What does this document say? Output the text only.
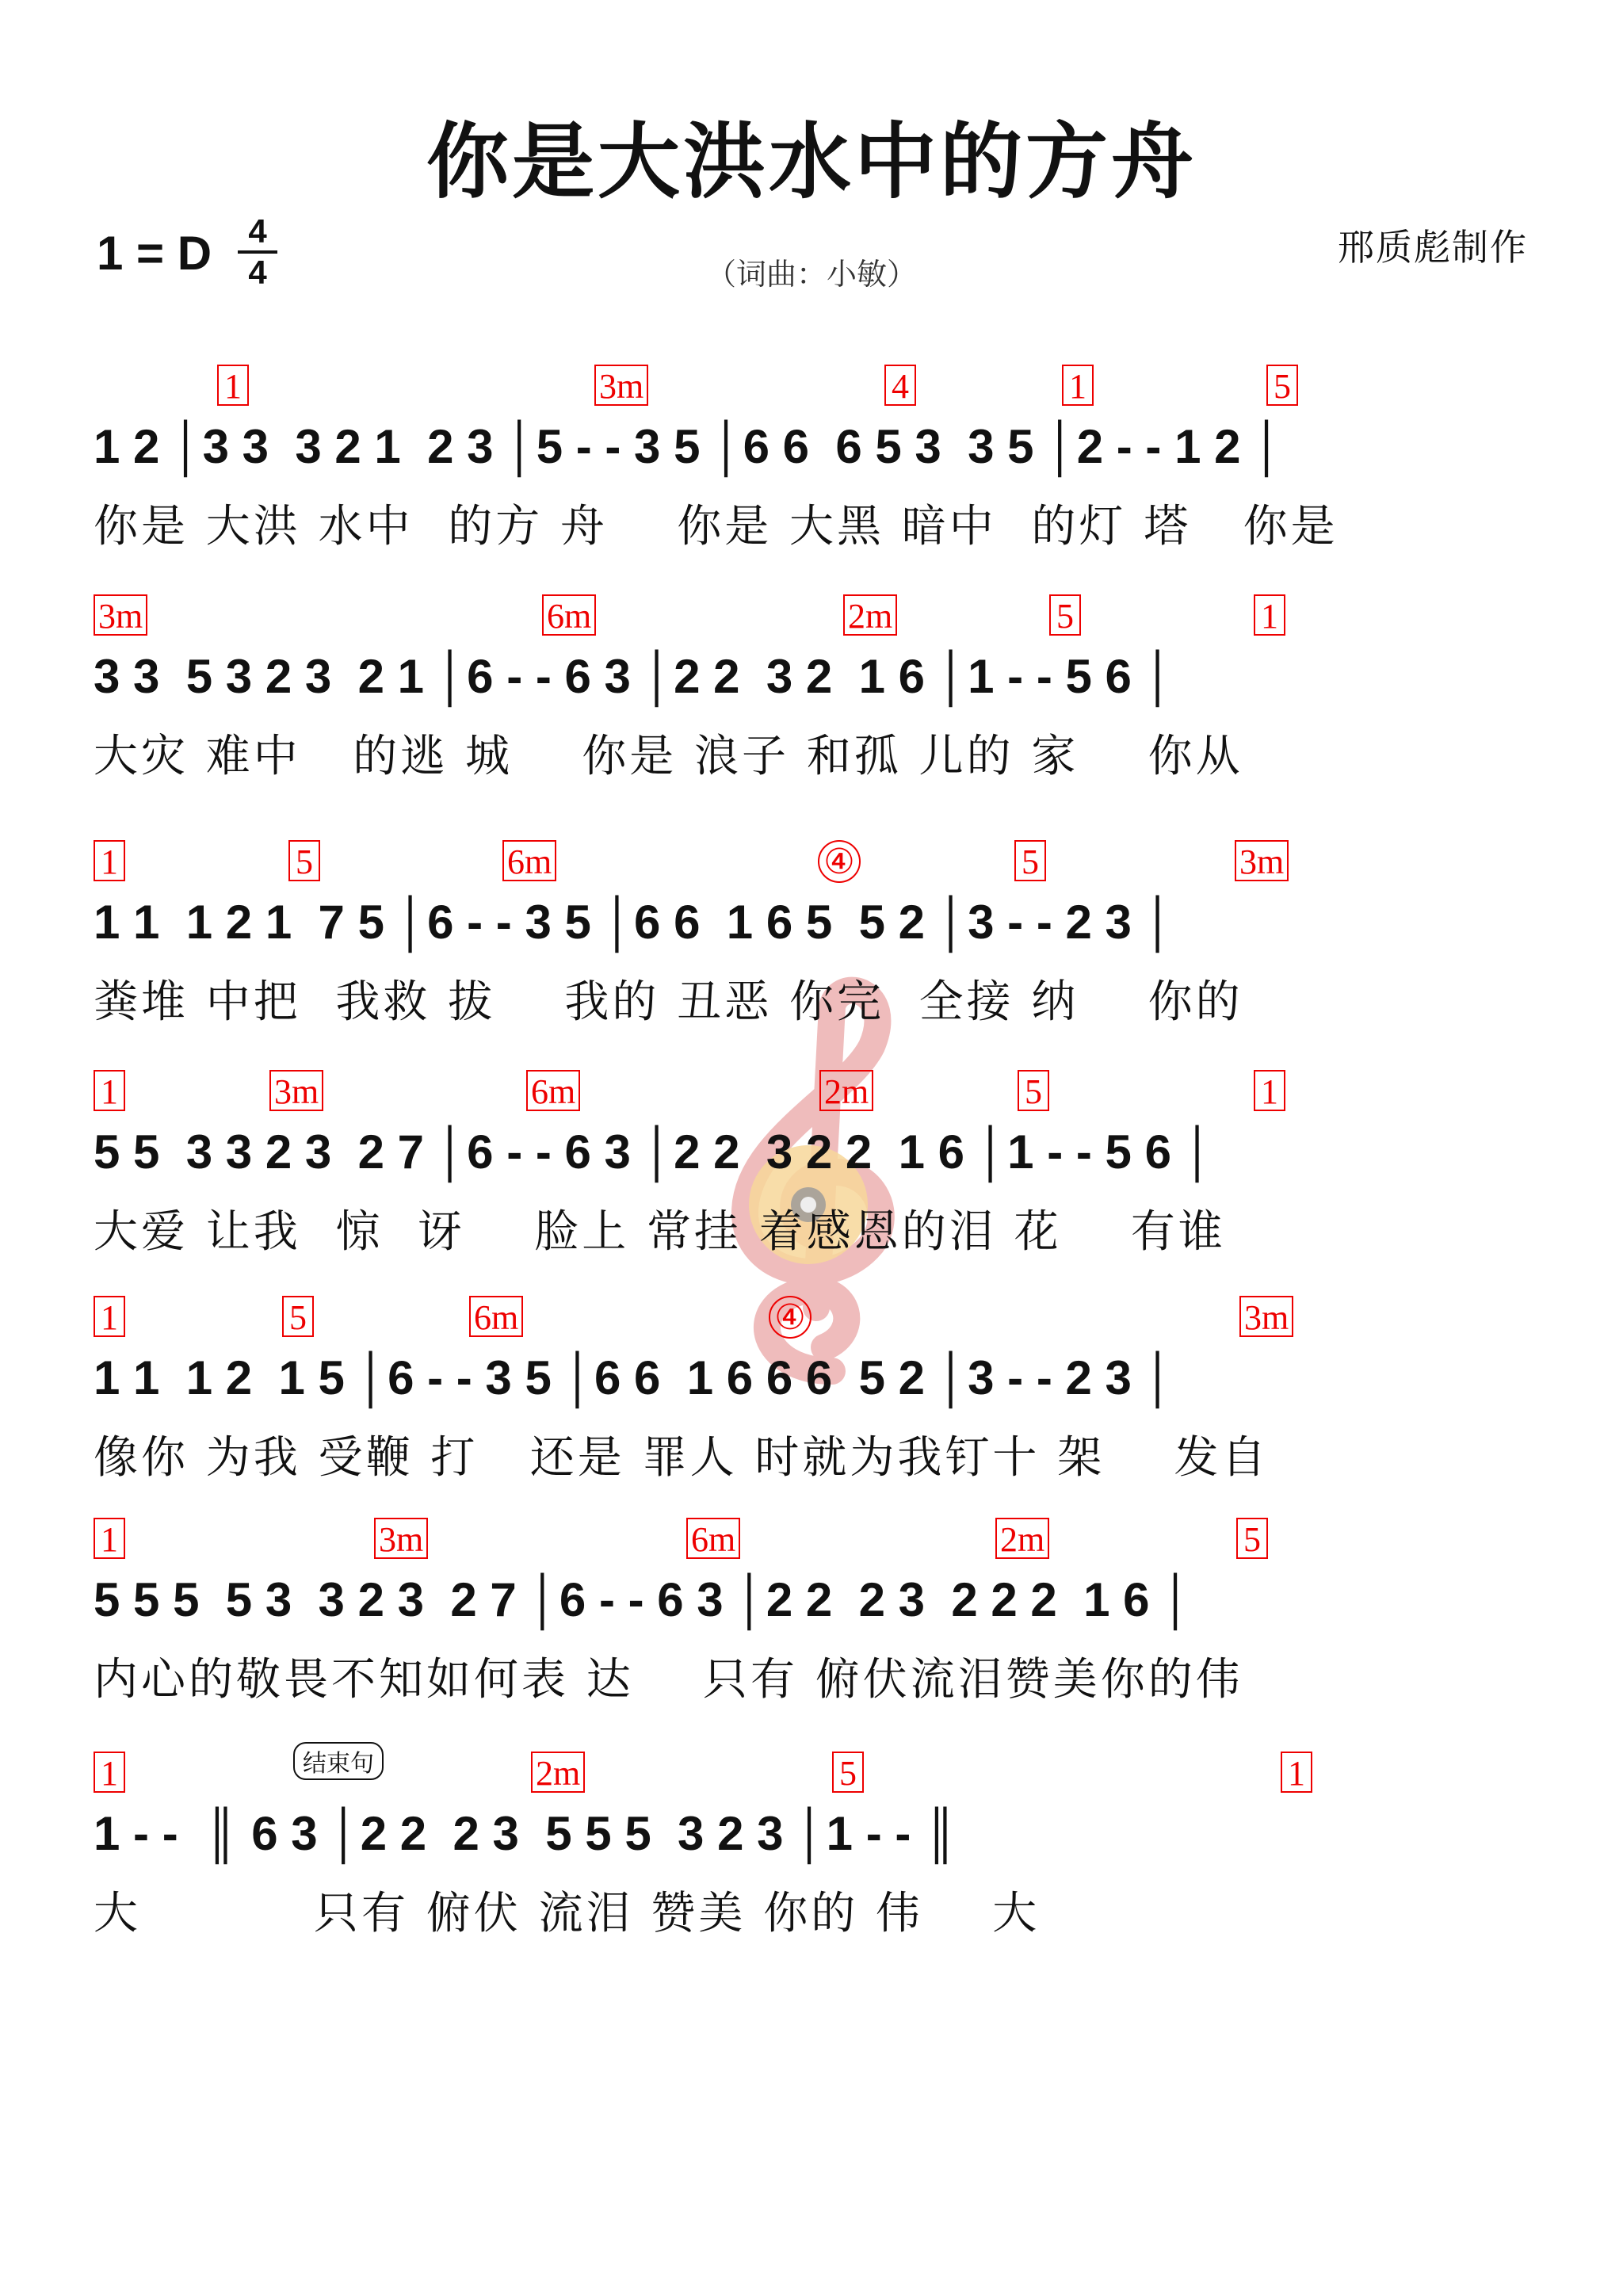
你是大洪水中的方舟
1 = D	4
4
邢质彪制作
（词曲：小敏）
1	3m	4	1	5
1 2 │3 3  3 2 1  2 3 │5 - - 3 5 │6 6  6 5 3  3 5 │2 - - 1 2 │
你是 大洪 水中  的方 舟    你是 大黑 暗中  的灯 塔   你是
3m	6m	2m	5	1
3 3  5 3 2 3  2 1 │6 - - 6 3 │2 2  3 2  1 6 │1 - - 5 6 │
大灾 难中   的逃 城    你是 浪子 和孤 儿的 家    你从
1	5	6m	④	5	3m
1 1  1 2 1  7 5 │6 - - 3 5 │6 6  1 6 5  5 2 │3 - - 2 3 │
粪堆 中把  我救 拔    我的 丑恶 你完  全接 纳    你的
1	3m	6m	2m	5	1
5 5  3 3 2 3  2 7 │6 - - 6 3 │2 2  3 2 2  1 6 │1 - - 5 6 │
大爱 让我  惊  讶    脸上 常挂 着感恩的泪 花    有谁
1	5	6m	④	3m
1 1  1 2  1 5 │6 - - 3 5 │6 6  1 6 6 6  5 2 │3 - - 2 3 │
像你 为我 受鞭 打   还是 罪人 时就为我钉十 架    发自
1	3m	6m	2m	5
5 5 5  5 3  3 2 3  2 7 │6 - - 6 3 │2 2  2 3  2 2 2  1 6 │
内心的敬畏不知如何表 达    只有 俯伏流泪赞美你的伟
结束句
1	2m	5	1
1 - -  ║ 6 3 │2 2  2 3  5 5 5  3 2 3 │1 - - ║
大          只有 俯伏 流泪 赞美 你的 伟    大
